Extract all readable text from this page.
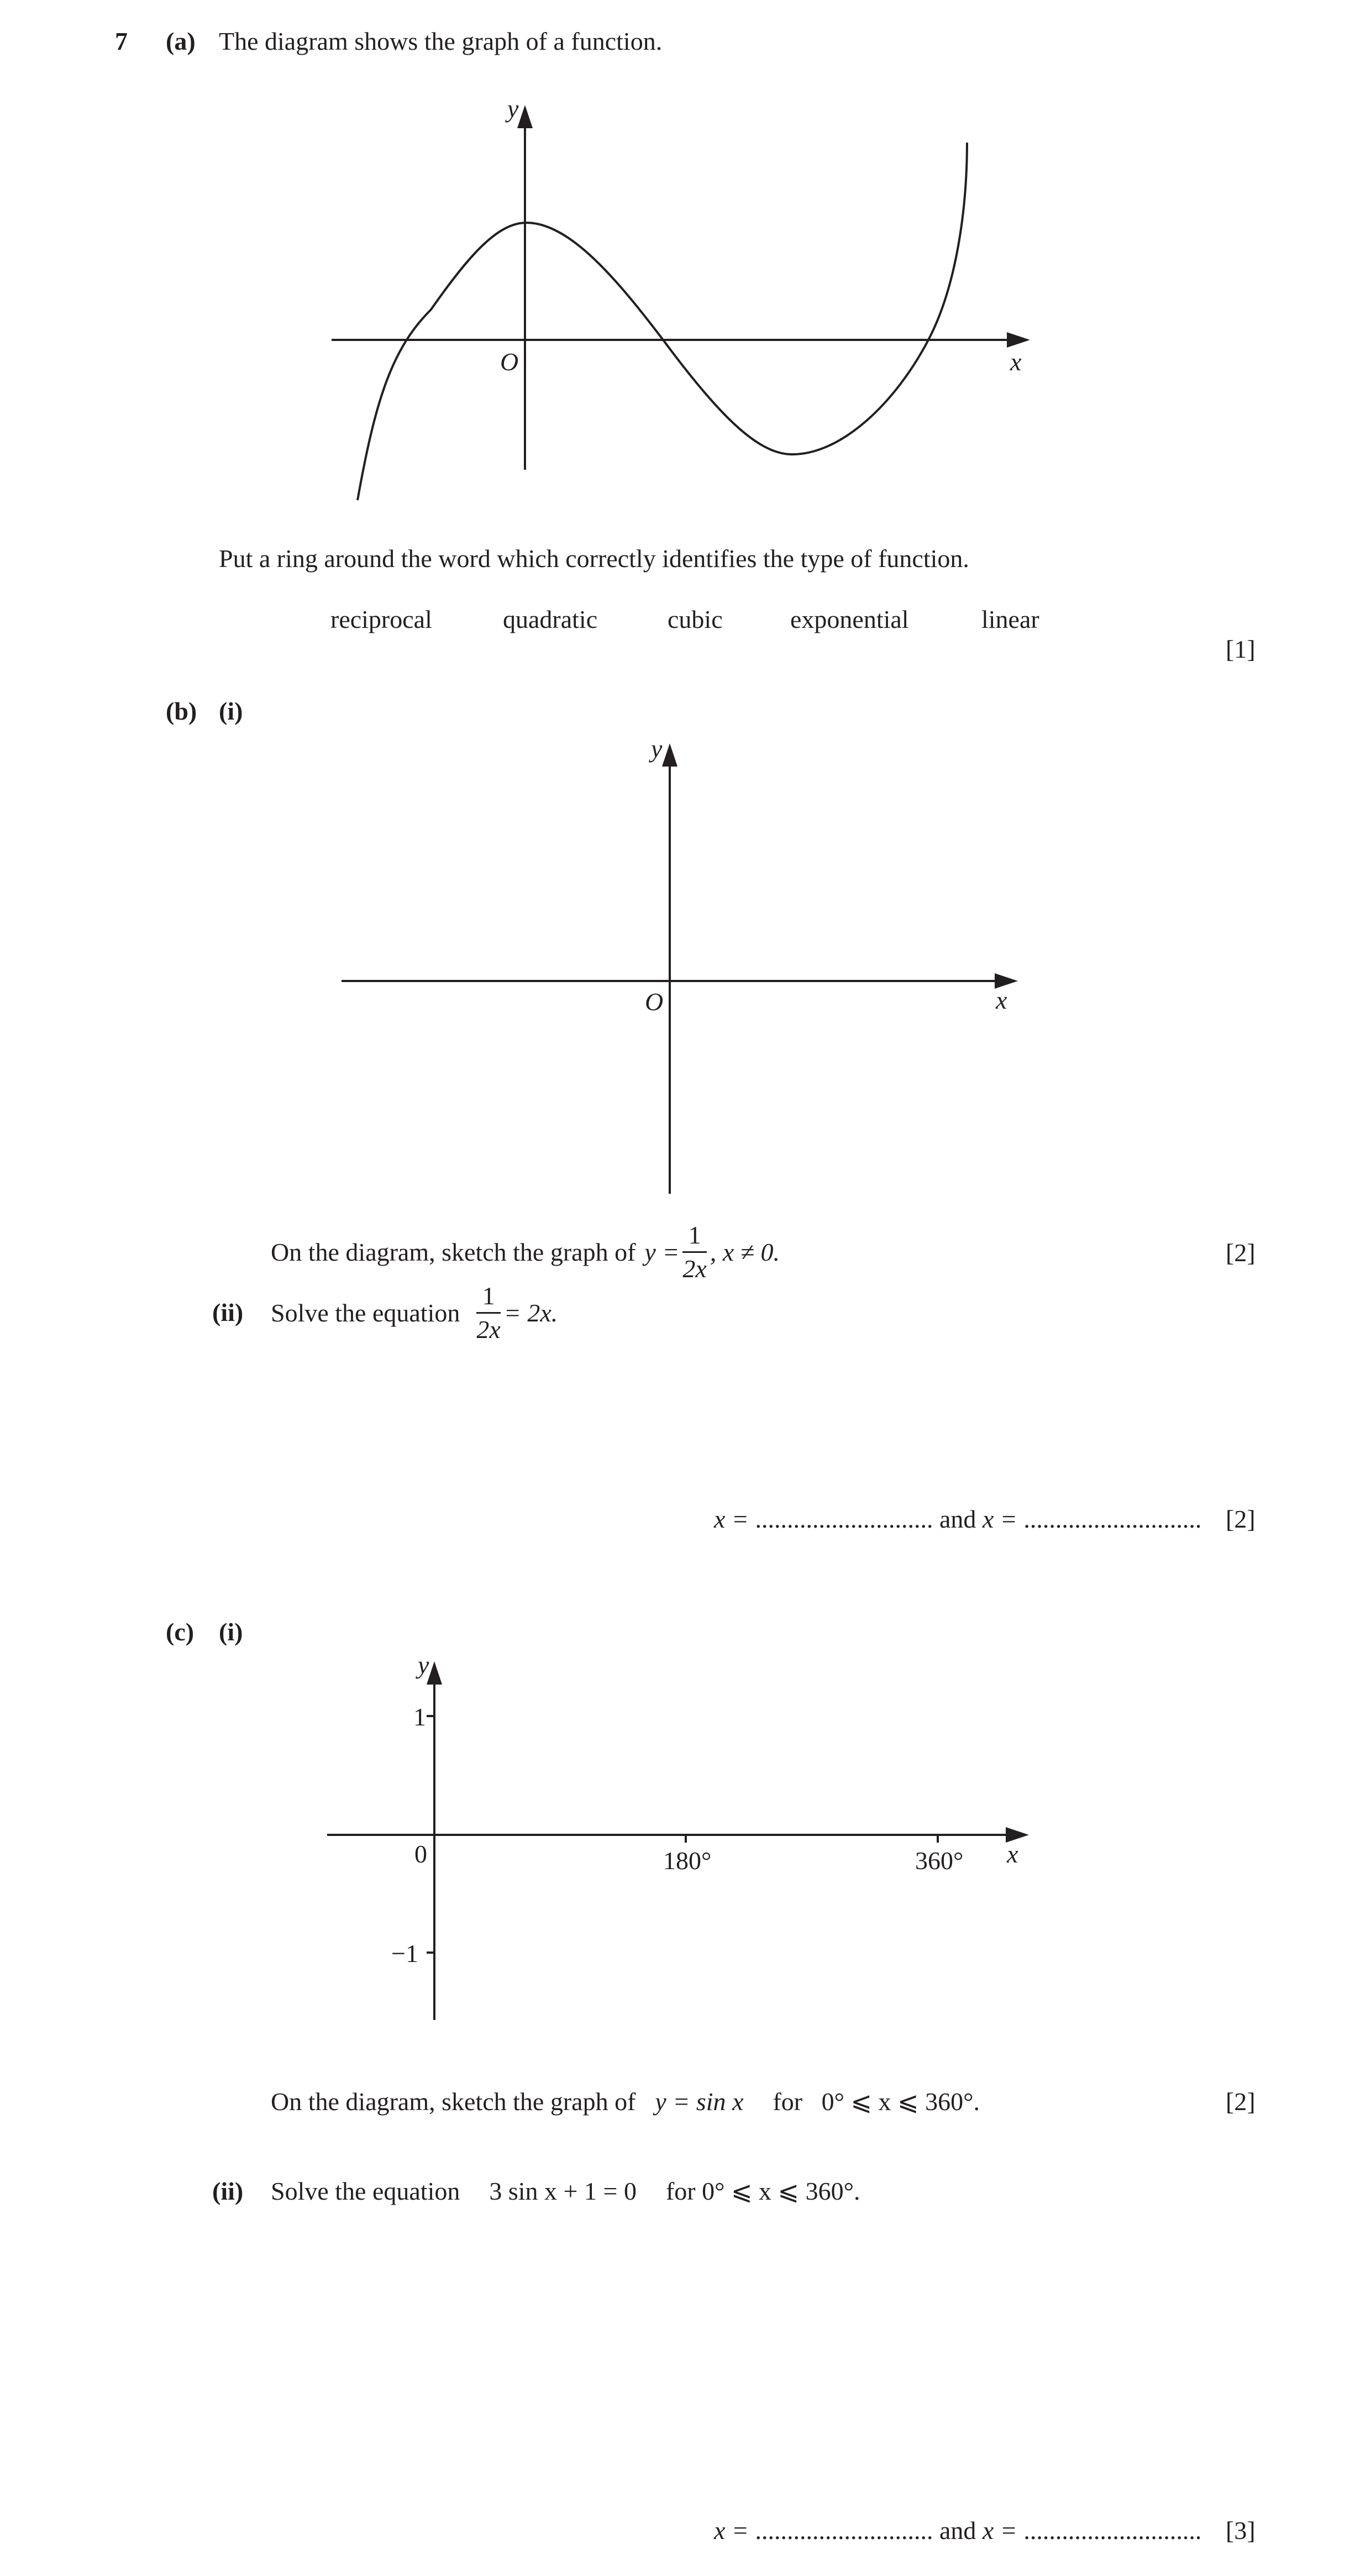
7 (a) The diagram shows the graph of a function.
x
y
O
Put a ring around the word which correctly identifies the type of function.
reciprocal	quadratic	cubic	exponential	linear
[1]
(b) (i)
x
y
O
On the diagram, sketch the graph of $y = \frac{1}{2x}$ , x ≠ 0.	[2]
(ii) Solve the equation $\frac{1}{2x} = 2x$.
x = ............................ and x = ............................ [2]
(c) (i)
x
y
1
−1
0	180°	360°
On the diagram, sketch the graph of y = sin x for   0° ⩽ x ⩽ 360°.	[2]
(ii) Solve the equation 3 sin x + 1 = 0 for 0° ⩽ x ⩽ 360°.
x = ............................ and x = ............................ [3]
